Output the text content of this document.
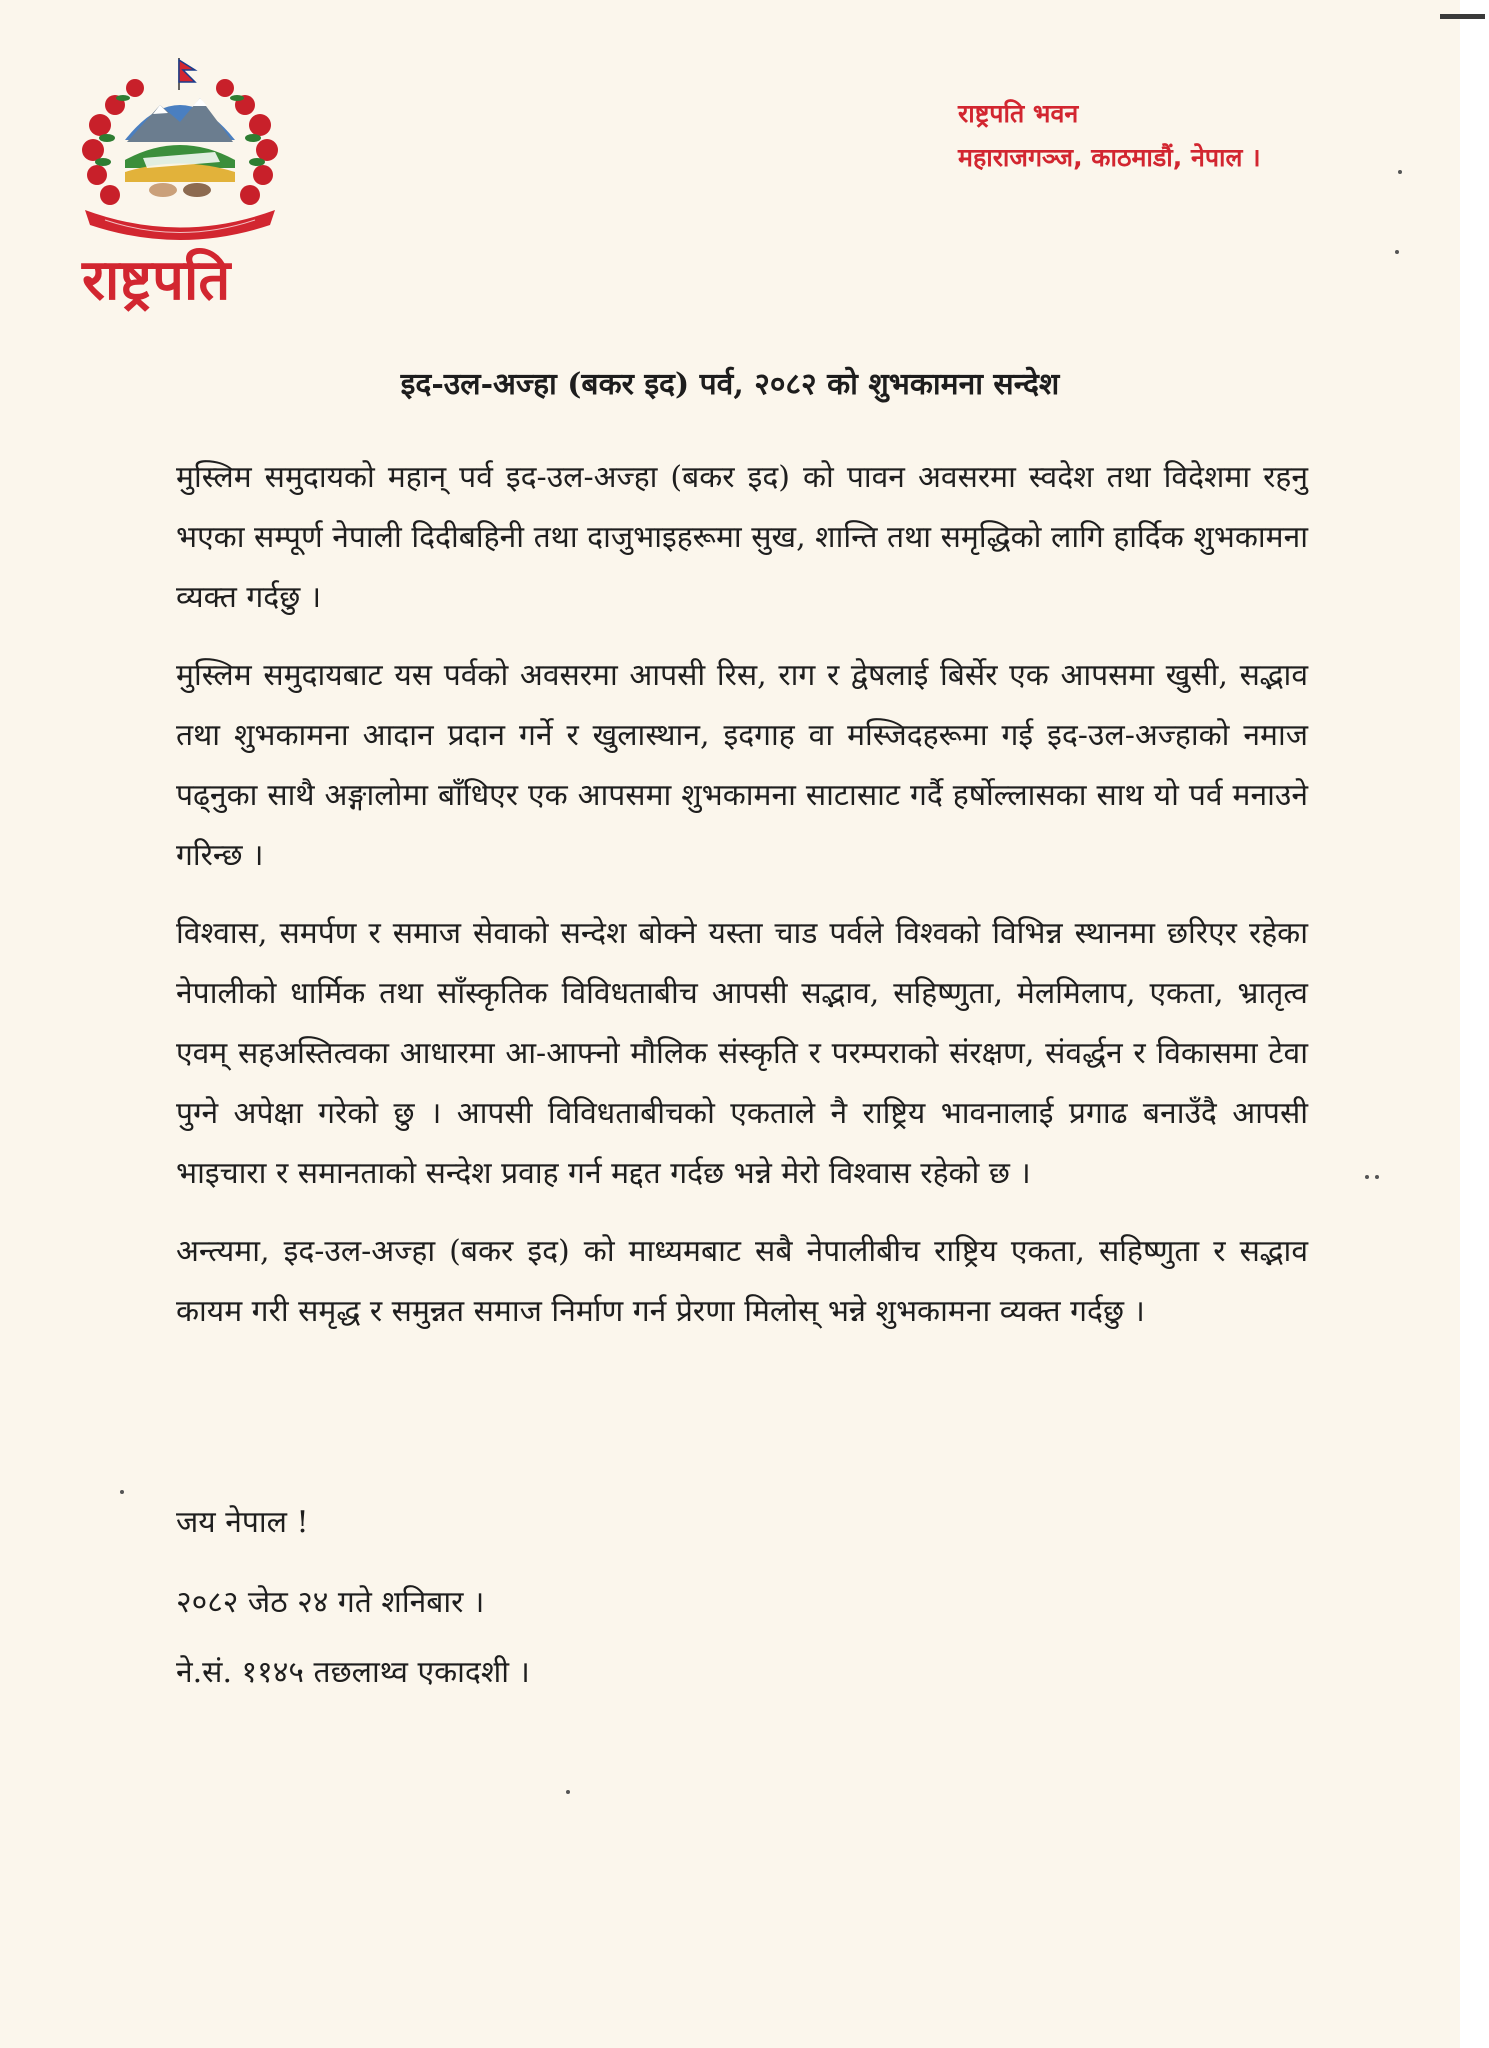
राष्ट्रपति
राष्ट्रपति भवन
महाराजगञ्ज, काठमाडौं, नेपाल ।
इद-उल-अज्हा (बकर इद) पर्व, २०८२ को शुभकामना सन्देश

मुस्लिम समुदायको महान् पर्व इद-उल-अज्हा (बकर इद) को पावन अवसरमा स्वदेश तथा विदेशमा रहनु भएका सम्पूर्ण नेपाली दिदीबहिनी तथा दाजुभाइहरूमा सुख, शान्ति तथा समृद्धिको लागि हार्दिक शुभकामना व्यक्त गर्दछु ।

मुस्लिम समुदायबाट यस पर्वको अवसरमा आपसी रिस, राग र द्वेषलाई बिर्सेर एक आपसमा खुसी, सद्भाव तथा शुभकामना आदान प्रदान गर्ने र खुलास्थान, इदगाह वा मस्जिदहरूमा गई इद-उल-अज्हाको नमाज पढ्नुका साथै अङ्गालोमा बाँधिएर एक आपसमा शुभकामना साटासाट गर्दै हर्षोल्लासका साथ यो पर्व मनाउने गरिन्छ ।

विश्वास, समर्पण र समाज सेवाको सन्देश बोक्ने यस्ता चाड पर्वले विश्वको विभिन्न स्थानमा छरिएर रहेका नेपालीको धार्मिक तथा साँस्कृतिक विविधताबीच आपसी सद्भाव, सहिष्णुता, मेलमिलाप, एकता, भ्रातृत्व एवम् सहअस्तित्वका आधारमा आ-आफ्नो मौलिक संस्कृति र परम्पराको संरक्षण, संवर्द्धन र विकासमा टेवा पुग्ने अपेक्षा गरेको छु । आपसी विविधताबीचको एकताले नै राष्ट्रिय भावनालाई प्रगाढ बनाउँदै आपसी भाइचारा र समानताको सन्देश प्रवाह गर्न मद्दत गर्दछ भन्ने मेरो विश्वास रहेको छ ।

अन्त्यमा, इद-उल-अज्हा (बकर इद) को माध्यमबाट सबै नेपालीबीच राष्ट्रिय एकता, सहिष्णुता र सद्भाव कायम गरी समृद्ध र समुन्नत समाज निर्माण गर्न प्रेरणा मिलोस् भन्ने शुभकामना व्यक्त गर्दछु ।

जय नेपाल !
२०८२ जेठ २४ गते शनिबार ।
ने.सं. ११४५ तछलाथ्व एकादशी ।
